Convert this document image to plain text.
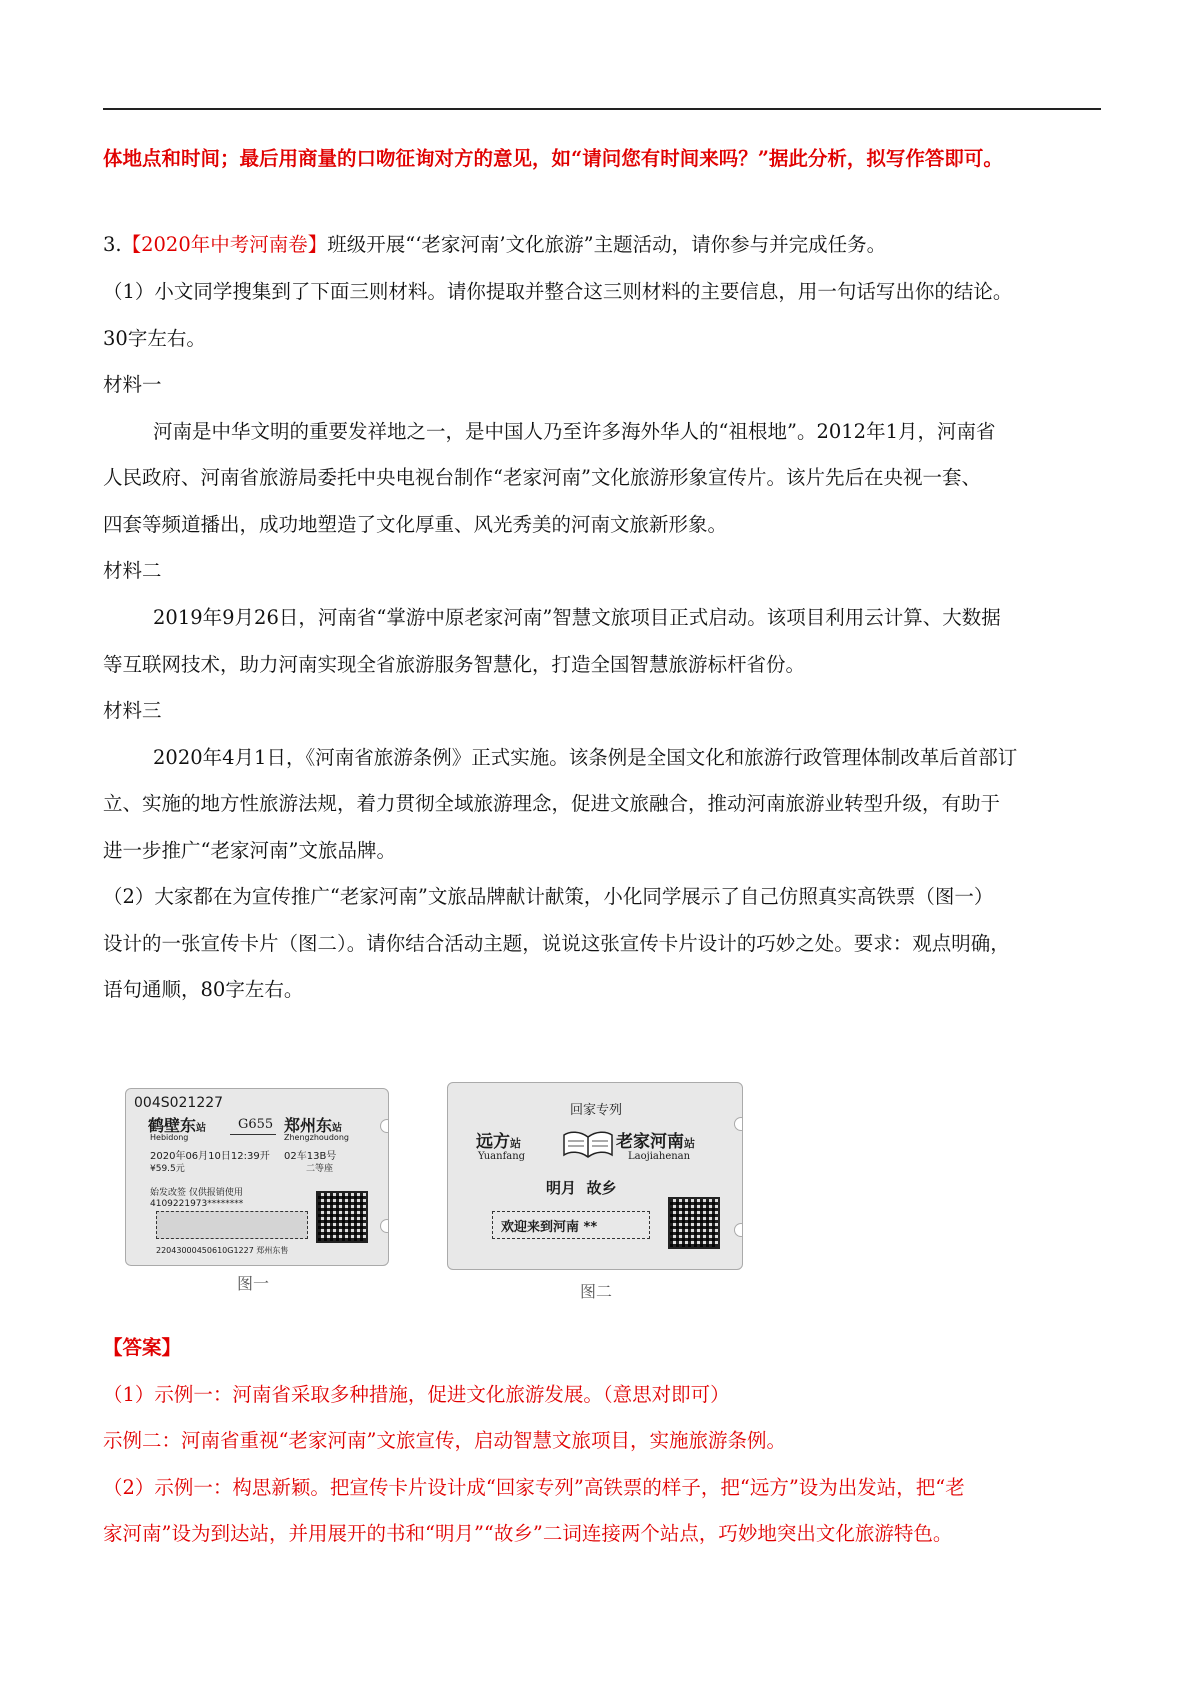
体地点和时间；最后用商量的口吻征询对方的意见，如“请问您有时间来吗？”据此分析，拟写作答即可。
3.【2020年中考河南卷】班级开展“‘老家河南’文化旅游”主题活动，请你参与并完成任务。
（1）小文同学搜集到了下面三则材料。请你提取并整合这三则材料的主要信息，用一句话写出你的结论。
30字左右。
材料一
河南是中华文明的重要发祥地之一，是中国人乃至许多海外华人的“祖根地”。2012年1月，河南省
人民政府、河南省旅游局委托中央电视台制作“老家河南”文化旅游形象宣传片。该片先后在央视一套、
四套等频道播出，成功地塑造了文化厚重、风光秀美的河南文旅新形象。
材料二
2019年9月26日，河南省“掌游中原老家河南”智慧文旅项目正式启动。该项目利用云计算、大数据
等互联网技术，助力河南实现全省旅游服务智慧化，打造全国智慧旅游标杆省份。
材料三
2020年4月1日，《河南省旅游条例》正式实施。该条例是全国文化和旅游行政管理体制改革后首部订
立、实施的地方性旅游法规，着力贯彻全域旅游理念，促进文旅融合，推动河南旅游业转型升级，有助于
进一步推广“老家河南”文旅品牌。
（2）大家都在为宣传推广“老家河南”文旅品牌献计献策，小化同学展示了自己仿照真实高铁票（图一）
设计的一张宣传卡片（图二）。请你结合活动主题，说说这张宣传卡片设计的巧妙之处。要求：观点明确，
语句通顺，80字左右。
004S021227
鹤壁东站
Hebidong
G655 郑州东站
Zhengzhoudong
2020年06月10日12:39开 02车13B号
¥59.5元	二等座
始发改签 仅供报销使用
4109221973********
22043000450610G1227 郑州东售
图一
回家专列
远方站
Yuanfang
老家河南站
Laojiahenan
明月  故乡
欢迎来到河南 **
图二
【答案】
（1）示例一：河南省采取多种措施，促进文化旅游发展。（意思对即可）
示例二：河南省重视“老家河南”文旅宣传，启动智慧文旅项目，实施旅游条例。
（2）示例一：构思新颖。把宣传卡片设计成“回家专列”高铁票的样子，把“远方”设为出发站，把“老
家河南”设为到达站，并用展开的书和“明月”“故乡”二词连接两个站点，巧妙地突出文化旅游特色。
